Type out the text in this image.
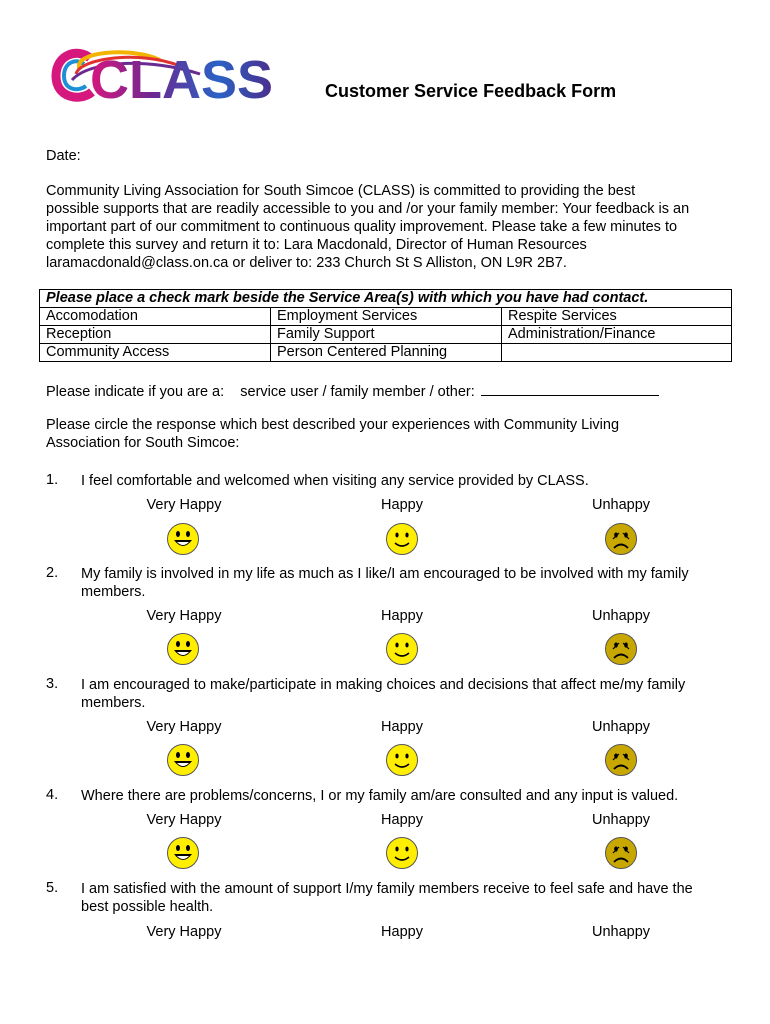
CLASS	Customer Service Feedback Form
Date:
Community Living Association for South Simcoe (CLASS) is committed to providing the best
possible supports that are readily accessible to you and /or your family member: Your feedback is an
important part of our commitment to continuous quality improvement. Please take a few minutes to
complete this survey and return it to: Lara Macdonald, Director of Human Resources
laramacdonald@class.on.ca or deliver to: 233 Church St S Alliston, ON L9R 2B7.
Please place a check mark beside the Service Area(s) with which you have had contact.		
Accomodation	Employment Services	Respite Services
Reception	Family Support	Administration/Finance
Community Access	Person Centered Planning	
Please indicate if you are a: service user / family member / other:
Please circle the response which best described your experiences with Community Living
Association for South Simcoe:
1. I feel comfortable and welcomed when visiting any service provided by CLASS.
Very Happy	Happy	Unhappy
2. My family is involved in my life as much as I like/I am encouraged to be involved with my family
members.
Very Happy	Happy	Unhappy
3. I am encouraged to make/participate in making choices and decisions that affect me/my family
members.
Very Happy	Happy	Unhappy
4. Where there are problems/concerns, I or my family am/are consulted and any input is valued.
Very Happy	Happy	Unhappy
5. I am satisfied with the amount of support I/my family members receive to feel safe and have the
best possible health.
Very Happy	Happy	Unhappy
